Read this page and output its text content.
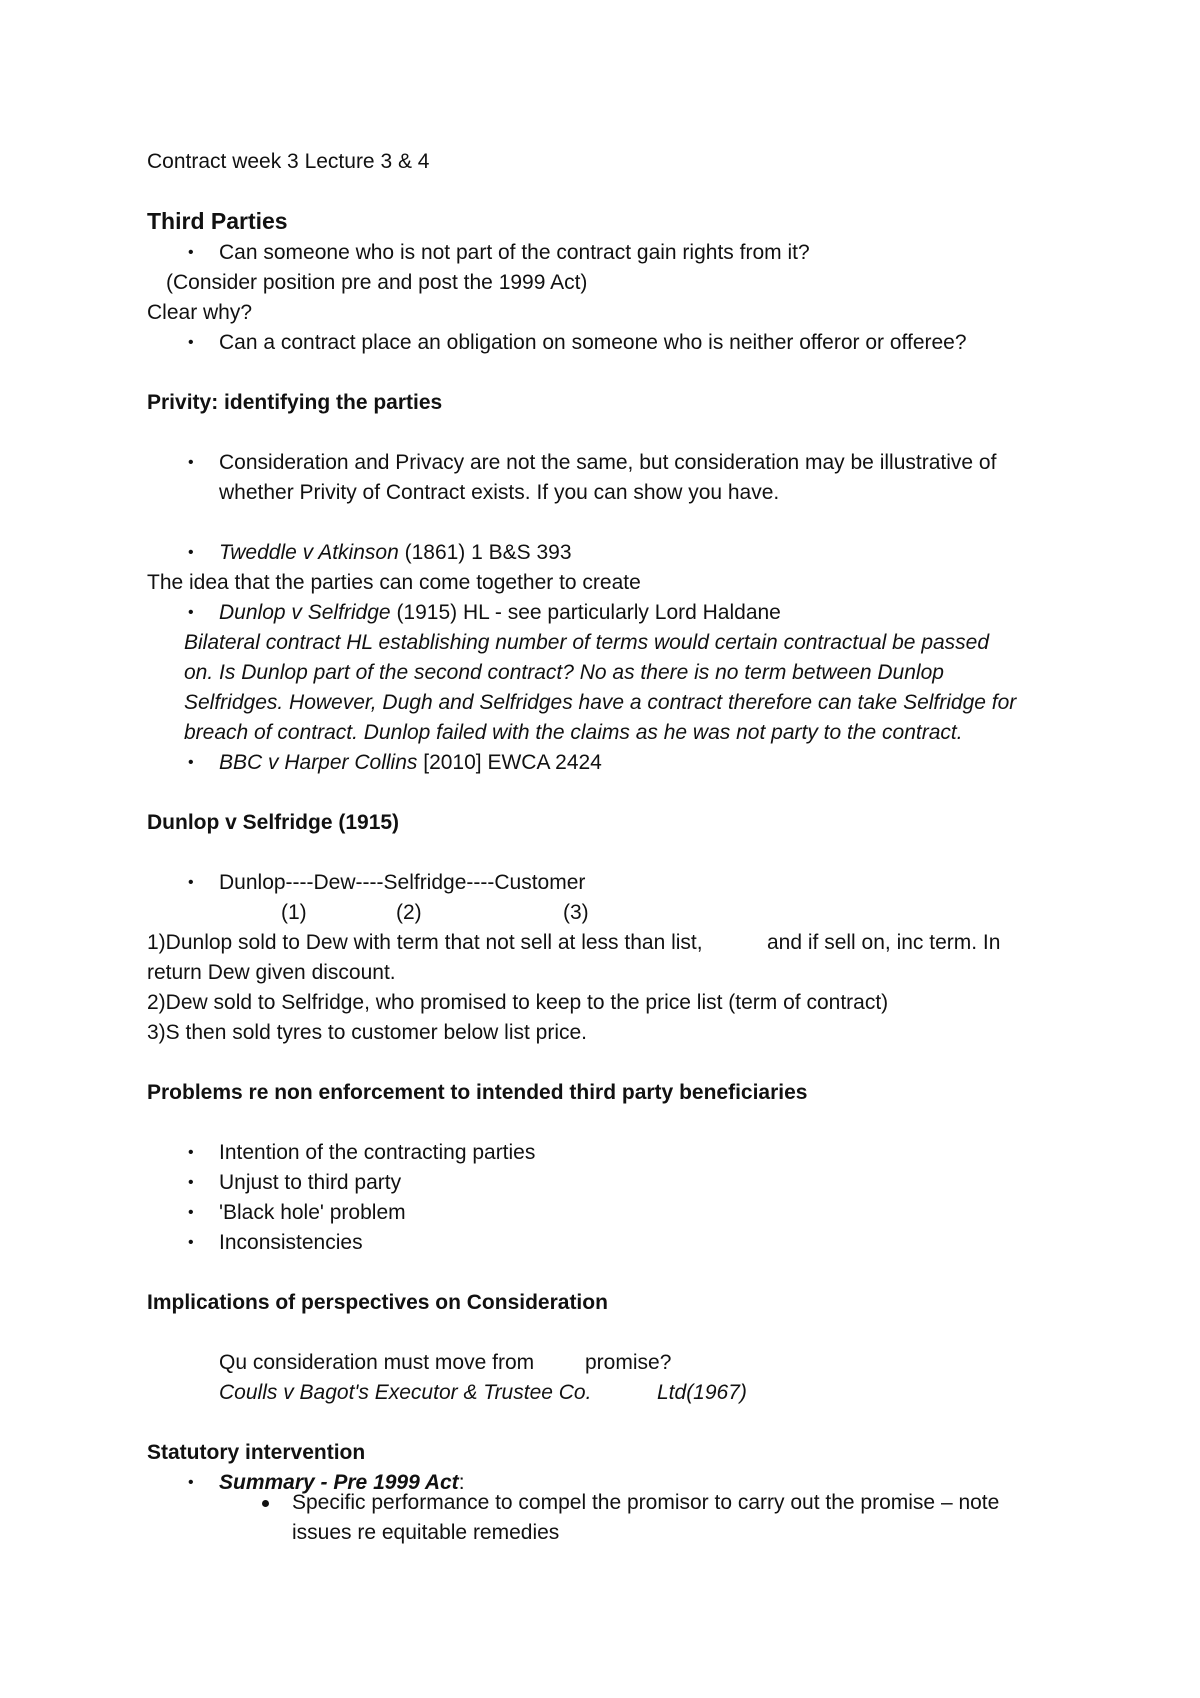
Contract week 3 Lecture 3 & 4
Third Parties
• Can someone who is not part of the contract gain rights from it?
(Consider position pre and post the 1999 Act)
Clear why?
• Can a contract place an obligation on someone who is neither offeror or offeree?
Privity: identifying the parties
• Consideration and Privacy are not the same, but consideration may be illustrative of
whether Privity of Contract exists. If you can show you have.
• Tweddle v Atkinson (1861) 1 B&S 393
The idea that the parties can come together to create
• Dunlop v Selfridge (1915) HL - see particularly Lord Haldane
Bilateral contract HL establishing number of terms would certain contractual be passed
on. Is Dunlop part of the second contract? No as there is no term between Dunlop
Selfridges. However, Dugh and Selfridges have a contract therefore can take Selfridge for
breach of contract. Dunlop failed with the claims as he was not party to the contract.
• BBC v Harper Collins [2010] EWCA 2424
Dunlop v Selfridge (1915)
• Dunlop----Dew----Selfridge----Customer
(1)	(2)	(3)
1)Dunlop sold to Dew with term that not sell at less than list,	and if sell on, inc term. In
return Dew given discount.
2)Dew sold to Selfridge, who promised to keep to the price list (term of contract)
3)S then sold tyres to customer below list price.
Problems re non enforcement to intended third party beneficiaries
• Intention of the contracting parties
• Unjust to third party
• 'Black hole' problem
• Inconsistencies
Implications of perspectives on Consideration
Qu consideration must move from promise?
Coulls v Bagot's Executor & Trustee Co.	Ltd(1967)
Statutory intervention
• Summary - Pre 1999 Act:
Specific performance to compel the promisor to carry out the promise – note
issues re equitable remedies
